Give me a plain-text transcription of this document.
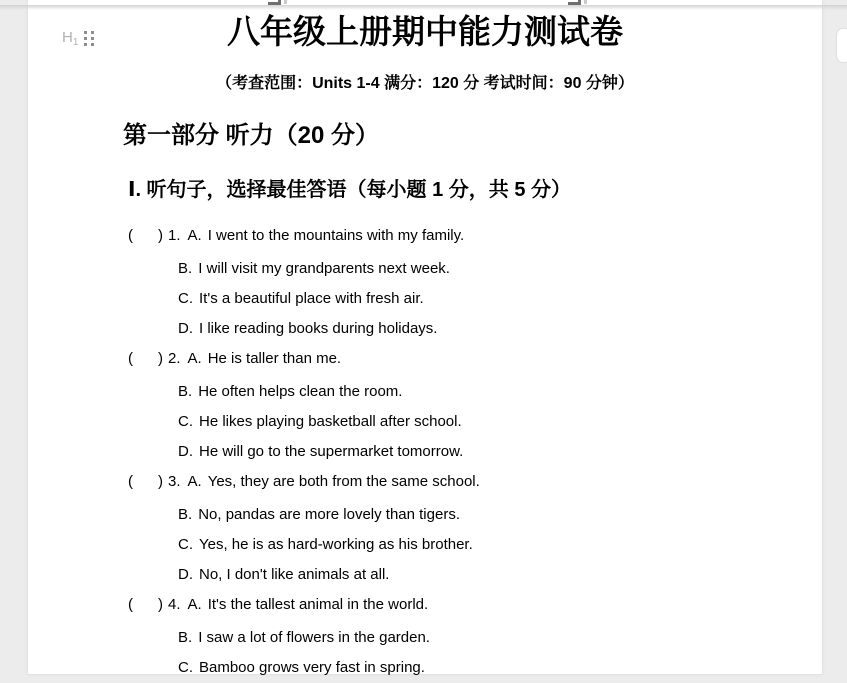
$H_1$	八年级上册期中能力测试卷
（考查范围：Units 1-4 满分：120 分 考试时间：90 分钟）
第一部分 听力（20 分）
Ⅰ. 听句子，选择最佳答语（每小题 1 分，共 5 分）
(      ) 1. A. I went to the mountains with my family.
B. I will visit my grandparents next week.
C. It's a beautiful place with fresh air.
D. I like reading books during holidays.
(      ) 2. A. He is taller than me.
B. He often helps clean the room.
C. He likes playing basketball after school.
D. He will go to the supermarket tomorrow.
(      ) 3. A. Yes, they are both from the same school.
B. No, pandas are more lovely than tigers.
C. Yes, he is as hard-working as his brother.
D. No, I don't like animals at all.
(      ) 4. A. It's the tallest animal in the world.
B. I saw a lot of flowers in the garden.
C. Bamboo grows very fast in spring.
